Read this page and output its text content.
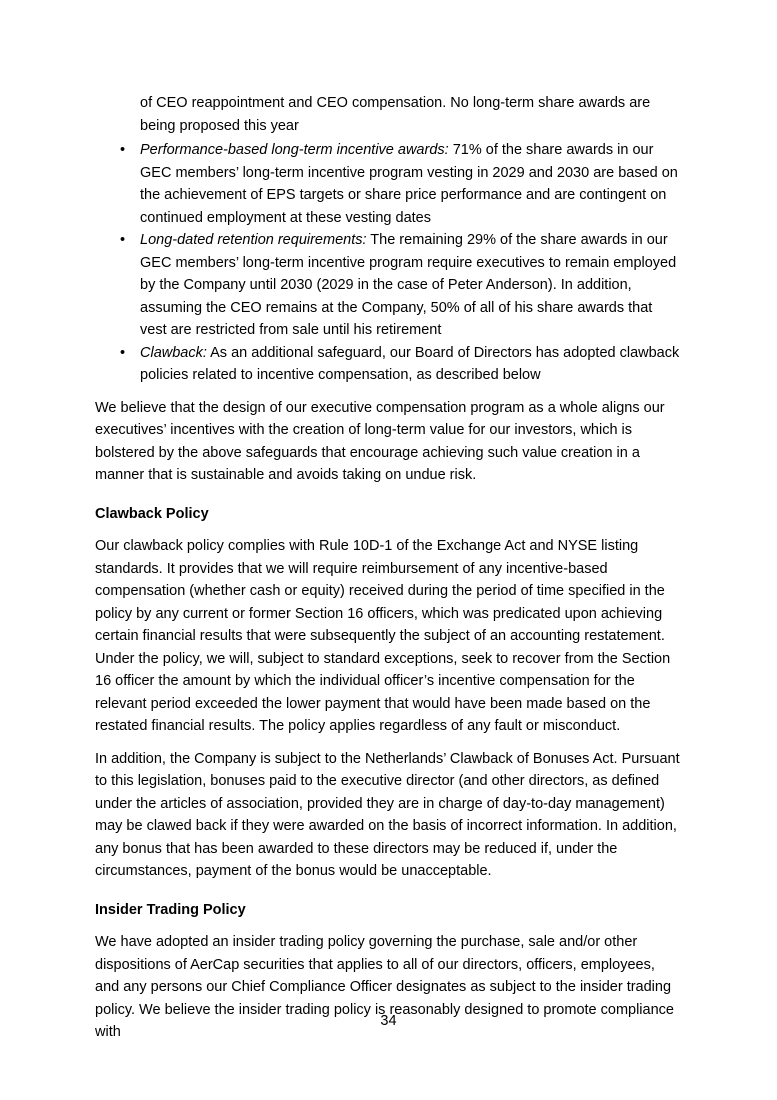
of CEO reappointment and CEO compensation. No long-term share awards are being proposed this year
• Performance-based long-term incentive awards: 71% of the share awards in our GEC members’ long-term incentive program vesting in 2029 and 2030 are based on the achievement of EPS targets or share price performance and are contingent on continued employment at these vesting dates
• Long-dated retention requirements: The remaining 29% of the share awards in our GEC members’ long-term incentive program require executives to remain employed by the Company until 2030 (2029 in the case of Peter Anderson). In addition, assuming the CEO remains at the Company, 50% of all of his share awards that vest are restricted from sale until his retirement
• Clawback: As an additional safeguard, our Board of Directors has adopted clawback policies related to incentive compensation, as described below

We believe that the design of our executive compensation program as a whole aligns our executives’ incentives with the creation of long-term value for our investors, which is bolstered by the above safeguards that encourage achieving such value creation in a manner that is sustainable and avoids taking on undue risk.

Clawback Policy

Our clawback policy complies with Rule 10D-1 of the Exchange Act and NYSE listing standards. It provides that we will require reimbursement of any incentive-based compensation (whether cash or equity) received during the period of time specified in the policy by any current or former Section 16 officers, which was predicated upon achieving certain financial results that were subsequently the subject of an accounting restatement. Under the policy, we will, subject to standard exceptions, seek to recover from the Section 16 officer the amount by which the individual officer’s incentive compensation for the relevant period exceeded the lower payment that would have been made based on the restated financial results. The policy applies regardless of any fault or misconduct.

In addition, the Company is subject to the Netherlands’ Clawback of Bonuses Act. Pursuant to this legislation, bonuses paid to the executive director (and other directors, as defined under the articles of association, provided they are in charge of day-to-day management) may be clawed back if they were awarded on the basis of incorrect information. In addition, any bonus that has been awarded to these directors may be reduced if, under the circumstances, payment of the bonus would be unacceptable.

Insider Trading Policy

We have adopted an insider trading policy governing the purchase, sale and/or other dispositions of AerCap securities that applies to all of our directors, officers, employees, and any persons our Chief Compliance Officer designates as subject to the insider trading policy. We believe the insider trading policy is reasonably designed to promote compliance with

34
